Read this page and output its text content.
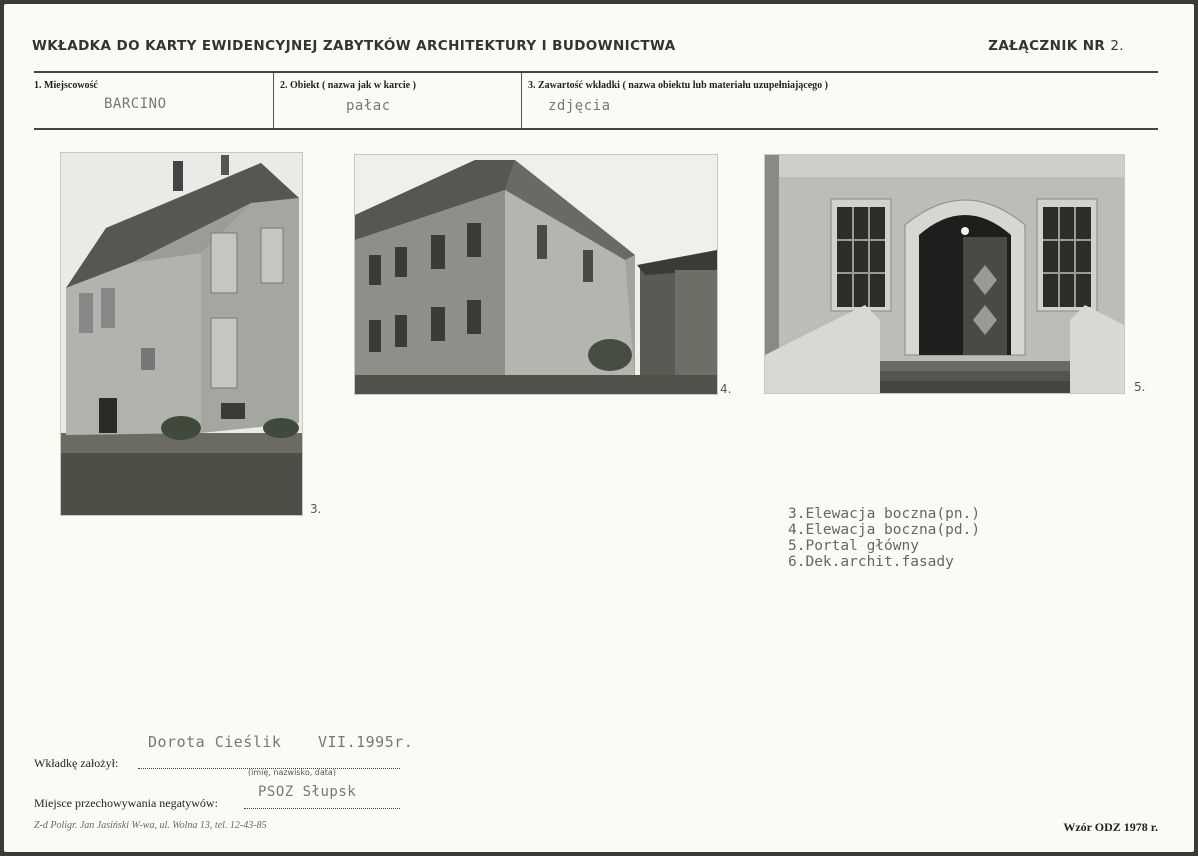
WKŁADKA DO KARTY EWIDENCYJNEJ ZABYTKÓW ARCHITEKTURY I BUDOWNICTWA	ZAŁĄCZNIK NR 2.
1. Miejscowość
BARCINO
2. Obiekt ( nazwa jak w karcie )
pałac
3. Zawartość wkładki ( nazwa obiektu lub materiału uzupełniającego )
zdjęcia
3.
4.	5.
3.Elewacja boczna(pn.)
4.Elewacja boczna(pd.)
5.Portal główny
6.Dek.archit.fasady
Dorota Cieślik VII.1995r.
Wkładkę założył:
(imię, nazwisko, data)
Miejsce przechowywania negatywów:
PSOZ Słupsk
Z-d Poligr. Jan Jasiński W-wa, ul. Wolna 13, tel. 12-43-85	Wzór ODZ 1978 r.
